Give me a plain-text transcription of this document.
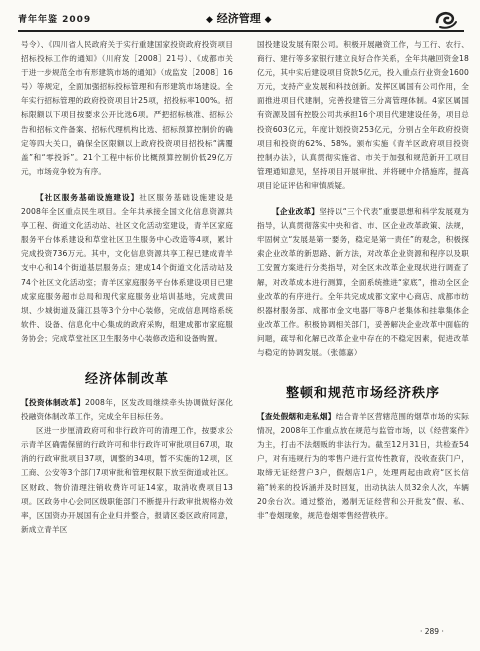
青年年鉴 2009	◆ 经济管理 ◆

号令）、《四川省人民政府关于实行重建国家投资政府投资项目招标投标工作的通知》（川府发［2008］21号）、《成都市关于进一步规范全市有形建筑市场的通知》（成监发［2008］16号）等规定，全面加强招标投标管理和有形建筑市场建设。全年实行招标管理的政府投资项目计25项，招投标率100%。招标限额以下项目按要求公开比选6项。严把招标核准、招标公告和招标文件备案、招标代理机构比选、招标预算控制价的确定等四大关口，确保全区限额以上政府投资项目招投标“满覆盖”和“零投诉”。21个工程中标价比概预算控制价低29亿万元，市场竞争较为有序。

【社区服务基础设施建设】社区服务基础设施建设是2008年全区重点民生项目。全年共承接全国文化信息资源共享工程、街道文化活动站、社区文化活动室建设，青羊区家庭服务平台体系建设和草堂社区卫生服务中心改造等4项，累计完成投资736万元。其中，文化信息资源共享工程已建成青羊支中心和14个街道基层服务点；建成14个街道文化活动站及74个社区文化活动室；青羊区家庭服务平台体系建设项目已建成家庭服务超市总局和现代家庭服务业培训基地，完成黄田坝、少城街道及蒲江县等3个分中心装修，完成信息网络系统软件、设备、信息化中心集成的政府采购，组建成都市家庭服务协会；完成草堂社区卫生服务中心装修改造和设备购置。

经济体制改革

【投资体制改革】2008年，区发改局继续牵头协调做好深化投融资体制改革工作，完成全年目标任务。

区进一步厘清政府可和非行政许可的清理工作，按要求公示青羊区确需保留的行政许可和非行政许可审批项目67项，取消的行政审批项目37项，调整的34项，暂不实施的12项，区工商、公安等3个部门7项审批和管理权限下放至街道或社区。区财政、物价清理注销收费许可证14家，取消收费项目13项。区政务中心会同区级职能部门不断提升行政审批规格办效率，区国资办开展国有企业归并整合，报请区委区政府同意，新成立青羊区

国投建设发展有限公司。积极开展融资工作，与工行、农行、商行、建行等多家银行建立良好合作关系，全年共融回资金18亿元，其中实后建设项目贷款5亿元，投入重点行业资金1600万元，支持产业发展和科技创新。发挥区属国有公司作用，全面推进项目代建制，完善投建管三分离管理体制。4家区属国有资源及国有控股公司共承担16个项目代建建设任务，项目总投资603亿元，年度计划投资253亿元，分别占全年政府投资项目和投资的62%、58%。颁布实施《青羊区政府项目投资控制办法》，认真贯彻实施省、市关于加强和规范新开工项目管理通知意见，坚持项目开展审批、并将硬中介措施库，提高项目论证评估和审慎质疑。

【企业改革】坚持以“三个代表”重要思想和科学发展观为指导，认真贯彻落实中央和省、市、区企业改革政策、法规，牢固树立“发展是第一要务，稳定是第一责任”的观念，积极探索企业改革的新思路、新方法，对改革企业资源和程序以及职工安置方案进行分类指导，对全区未改革企业现状进行调查了解，对改革成本进行测算，全面系统推进“家底”，推动全区企业改革的有序进行。全年共完成成都文家中心商店、成都市纺织器材服务部、成都市金文电器厂等8户老集体和挂靠集体企业改革工作。积极协调相关部门，妥善解决企业改革中面临的问题，疏导和化解已改革企业中存在的不稳定因素，促进改革与稳定的协调发展。（张德嘉）

整顿和规范市场经济秩序

【查处假烟和走私烟】结合青羊区营辖范围的烟草市场的实际情况，2008年工作重点放在规范与监管市场，以《经营案件》为主，打击不法烟贩的非法行为。截至12月31日，共检查54户，对有违规行为的零售户进行宣传性教育，没收查获门户，取缔无证经营户3户，假烟店1户，处理两起由政府“区长信箱”转来的投诉涵并及时回复，出动执法人员32余人次，车辆20余台次。通过整治，遏制无证经营和公开批发“假、私、非”卷烟现象，规范卷烟零售经营秩序。

· 289 ·
